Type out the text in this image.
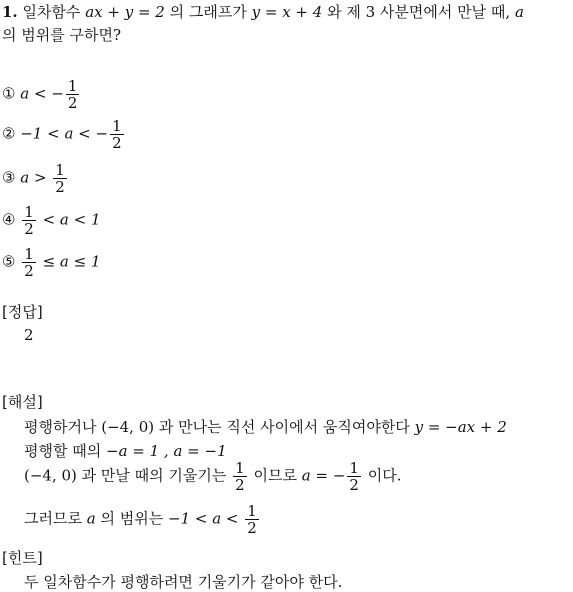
1. 일차함수 ax + y = 2 의 그래프가 y = x + 4 와 제 3 사분면에서 만날 때, a
의 범위를 구하면?
① a < − $\frac{1}{2}$
② −1 < a < − $\frac{1}{2}$
③ $a > \frac{1}{2}$
④ $\frac{1}{2} < a < 1$
⑤ $\frac{1}{2} \le a \le 1$
[정답]
2
[해설]
평행하거나 (−4, 0) 과 만나는 직선 사이에서 움직여야한다 y = −ax + 2
평행할 때의 −a = 1 , a = −1
(−4, 0) 과 만날 때의 기울기는 $\frac{1}{2}$ 이므로 a = − $\frac{1}{2}$ 이다.
그러므로 a 의 범위는 $-1 < a < \frac{1}{2}$
[힌트]
두 일차함수가 평행하려면 기울기가 같아야 한다.
